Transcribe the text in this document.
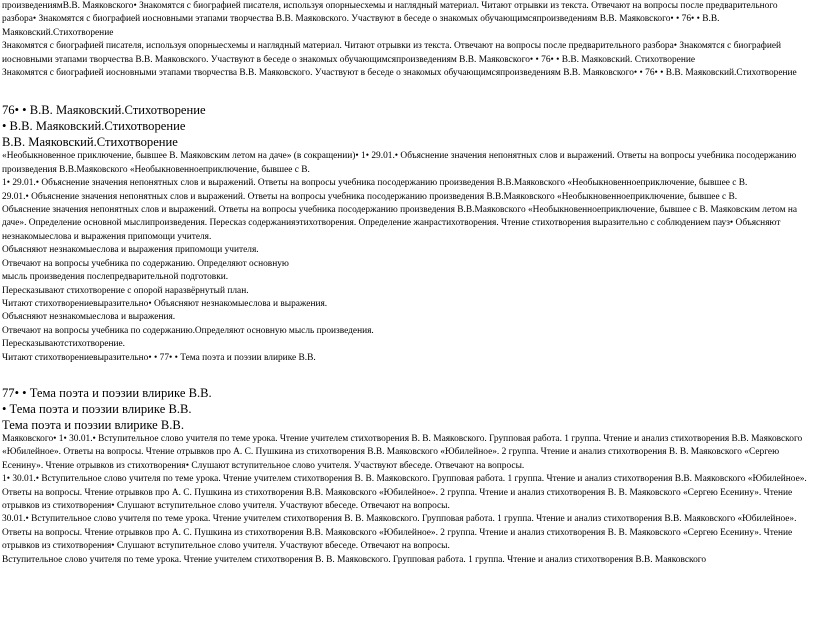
произведениямВ.В. Маяковского• Знакомятся с биографией писателя, используя опорныесхемы и наглядный материал. Читают отрывки из текста. Отвечают на вопросы после предварительного разбора• Знакомятся с биографией иосновными этапами творчества В.В. Маяковского. Участвуют в беседе о знакомых обучающимсяпроизведениям В.В. Маяковского• • 76• • В.В. Маяковский.Стихотворение

Знакомятся с биографией писателя, используя опорныесхемы и наглядный материал. Читают отрывки из текста. Отвечают на вопросы после предварительного разбора• Знакомятся с биографией иосновными этапами творчества В.В. Маяковского. Участвуют в беседе о знакомых обучающимсяпроизведениям В.В. Маяковского• • 76• • В.В. Маяковский. Стихотворение

Знакомятся с биографией иосновными этапами творчества В.В. Маяковского. Участвуют в беседе о знакомых обучающимсяпроизведениям В.В. Маяковского• • 76• • В.В. Маяковский.Стихотворение

76• • В.В. Маяковский.Стихотворение

• В.В. Маяковский.Стихотворение

В.В. Маяковский.Стихотворение

«Необыкновенное приключение, бывшее В. Маяковским летом на даче» (в сокращении)• 1• 29.01.• Объяснение значения непонятных слов и выражений. Ответы на вопросы учебника посодержанию произведения В.В.Маяковского «Необыкновенноеприключение, бывшее с В.

1• 29.01.• Объяснение значения непонятных слов и выражений. Ответы на вопросы учебника посодержанию произведения В.В.Маяковского «Необыкновенноеприключение, бывшее с В.

29.01.• Объяснение значения непонятных слов и выражений. Ответы на вопросы учебника посодержанию произведения В.В.Маяковского «Необыкновенноеприключение, бывшее с В.

Объяснение значения непонятных слов и выражений. Ответы на вопросы учебника посодержанию произведения В.В.Маяковского «Необыкновенноеприключение, бывшее с В. Маяковским летом на даче». Определение основной мыслипроизведения. Пересказ содержанияэтихотворения. Определение жанрастихотворения. Чтение стихотворения выразительно с соблюдением пауз• Объясняют незнакомыеслова и выражения припомощи учителя.

Объясняют незнакомыеслова и выражения припомощи учителя.

Отвечают на вопросы учебника по содержанию. Определяют основную

мысль произведения послепредварительной подготовки.

Пересказывают стихотворение с опорой наразвёрнутый план.

Читают стихотворениевыразительно• Объясняют незнакомыеслова и выражения.

Объясняют незнакомыеслова и выражения.

Отвечают на вопросы учебника по содержанию.Определяют основную мысль произведения.

Пересказываютстихотворение.

Читают стихотворениевыразительно• • 77• • Тема поэта и поэзии влирике В.В.

77• • Тема поэта и поэзии влирике В.В.

• Тема поэта и поэзии влирике В.В.

Тема поэта и поэзии влирике В.В.

Маяковского• 1• 30.01.• Вступительное слово учителя по теме урока. Чтение учителем стихотворения В. В. Маяковского. Групповая работа. 1 группа. Чтение и анализ стихотворения В.В. Маяковского «Юбилейное». Ответы на вопросы. Чтение отрывков про А. С. Пушкина из стихотворения В.В. Маяковского «Юбилейное». 2 группа. Чтение и анализ стихотворения В. В. Маяковского «Сергею Есенину». Чтение отрывков из стихотворения• Слушают вступительное слово учителя. Участвуют вбеседе. Отвечают на вопросы.

1• 30.01.• Вступительное слово учителя по теме урока. Чтение учителем стихотворения В. В. Маяковского. Групповая работа. 1 группа. Чтение и анализ стихотворения В.В. Маяковского «Юбилейное». Ответы на вопросы. Чтение отрывков про А. С. Пушкина из стихотворения В.В. Маяковского «Юбилейное». 2 группа. Чтение и анализ стихотворения В. В. Маяковского «Сергею Есенину». Чтение отрывков из стихотворения• Слушают вступительное слово учителя. Участвуют вбеседе. Отвечают на вопросы.

30.01.• Вступительное слово учителя по теме урока. Чтение учителем стихотворения В. В. Маяковского. Групповая работа. 1 группа. Чтение и анализ стихотворения В.В. Маяковского «Юбилейное». Ответы на вопросы. Чтение отрывков про А. С. Пушкина из стихотворения В.В. Маяковского «Юбилейное». 2 группа. Чтение и анализ стихотворения В. В. Маяковского «Сергею Есенину». Чтение отрывков из стихотворения• Слушают вступительное слово учителя. Участвуют вбеседе. Отвечают на вопросы.

Вступительное слово учителя по теме урока. Чтение учителем стихотворения В. В. Маяковского. Групповая работа. 1 группа. Чтение и анализ стихотворения В.В. Маяковского
